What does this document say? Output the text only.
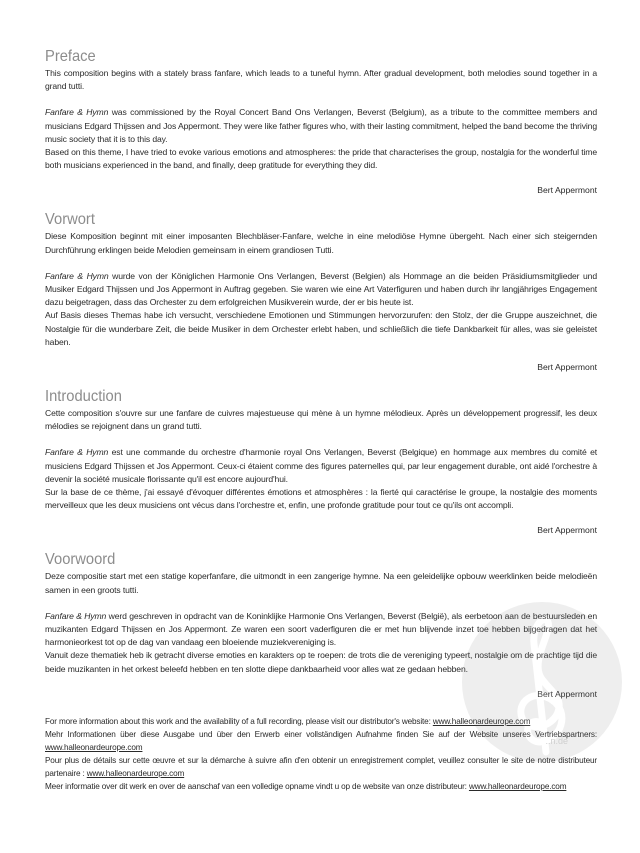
Preface

This composition begins with a stately brass fanfare, which leads to a tuneful hymn. After gradual development, both melodies sound together in a grand tutti.

Fanfare & Hymn was commissioned by the Royal Concert Band Ons Verlangen, Beverst (Belgium), as a tribute to the committee members and musicians Edgard Thijssen and Jos Appermont. They were like father figures who, with their lasting commitment, helped the band become the thriving music society that it is to this day.

Based on this theme, I have tried to evoke various emotions and atmospheres: the pride that characterises the group, nostalgia for the wonderful time both musicians experienced in the band, and finally, deep gratitude for everything they did.

Bert Appermont
Vorwort

Diese Komposition beginnt mit einer imposanten Blechbläser-Fanfare, welche in eine melodiöse Hymne übergeht. Nach einer sich steigernden Durchführung erklingen beide Melodien gemeinsam in einem grandiosen Tutti.

Fanfare & Hymn wurde von der Königlichen Harmonie Ons Verlangen, Beverst (Belgien) als Hommage an die beiden Präsidiumsmitglieder und Musiker Edgard Thijssen und Jos Appermont in Auftrag gegeben. Sie waren wie eine Art Vaterfiguren und haben durch ihr langjähriges Engagement dazu beigetragen, dass das Orchester zu dem erfolgreichen Musikverein wurde, der er bis heute ist.

Auf Basis dieses Themas habe ich versucht, verschiedene Emotionen und Stimmungen hervorzurufen: den Stolz, der die Gruppe auszeichnet, die Nostalgie für die wunderbare Zeit, die beide Musiker in dem Orchester erlebt haben, und schließlich die tiefe Dankbarkeit für alles, was sie geleistet haben.

Bert Appermont
Introduction

Cette composition s'ouvre sur une fanfare de cuivres majestueuse qui mène à un hymne mélodieux. Après un développement progressif, les deux mélodies se rejoignent dans un grand tutti.

Fanfare & Hymn est une commande du orchestre d'harmonie royal Ons Verlangen, Beverst (Belgique) en hommage aux membres du comité et musiciens Edgard Thijssen et Jos Appermont. Ceux-ci étaient comme des figures paternelles qui, par leur engagement durable, ont aidé l'orchestre à devenir la société musicale florissante qu'il est encore aujourd'hui.

Sur la base de ce thème, j'ai essayé d'évoquer différentes émotions et atmosphères : la fierté qui caractérise le groupe, la nostalgie des moments merveilleux que les deux musiciens ont vécus dans l'orchestre et, enfin, une profonde gratitude pour tout ce qu'ils ont accompli.

Bert Appermont
Voorwoord

Deze compositie start met een statige koperfanfare, die uitmondt in een zangerige hymne. Na een geleidelijke opbouw weerklinken beide melodieën samen in een groots tutti.

Fanfare & Hymn werd geschreven in opdracht van de Koninklijke Harmonie Ons Verlangen, Beverst (België), als eerbetoon aan de bestuursleden en muzikanten Edgard Thijssen en Jos Appermont. Ze waren een soort vaderfiguren die er met hun blijvende inzet toe hebben bijgedragen dat het harmonieorkest tot op de dag van vandaag een bloeiende muziekvereniging is.

Vanuit deze thematiek heb ik getracht diverse emoties en karakters op te roepen: de trots die de vereniging typeert, nostalgie om de prachtige tijd die beide muzikanten in het orkest beleefd hebben en ten slotte diepe dankbaarheid voor alles wat ze gedaan hebben.

Bert Appermont

For more information about this work and the availability of a full recording, please visit our distributor's website: www.halleonardeurope.com

Mehr Informationen über diese Ausgabe und über den Erwerb einer vollständigen Aufnahme finden Sie auf der Website unseres Vertriebspartners: www.halleonardeurope.com

Pour plus de détails sur cette œuvre et sur la démarche à suivre afin d'en obtenir un enregistrement complet, veuillez consulter le site de notre distributeur partenaire : www.halleonardeurope.com

Meer informatie over dit werk en over de aanschaf van een volledige opname vindt u op de website van onze distributeur: www.halleonardeurope.com

..n.de
